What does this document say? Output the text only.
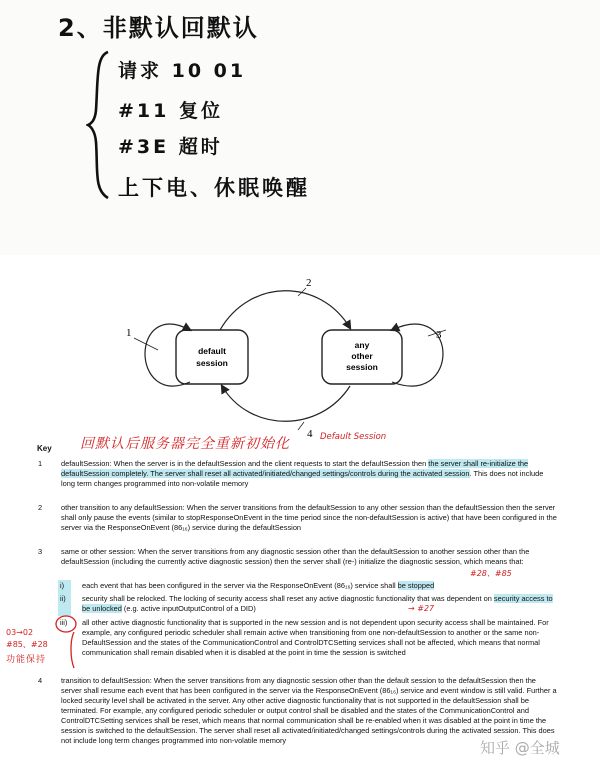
2、非默认回默认
请求 10 01
#11 复位
#3E 超时
上下电、休眠唤醒
1
2
3
4
default
session
any
other
session
回默认后服务器完全重新初始化	Default Session
Key
1	defaultSession: When the server is in the defaultSession and the client requests to start the defaultSession then the server shall re-initialize the defaultSession completely. The server shall reset all activated/initiated/changed settings/controls during the activated session. This does not include long term changes programmed into non-volatile memory
2	other transition to any defaultSession: When the server transitions from the defaultSession to any other session than the defaultSession then the server shall only pause the events (similar to stopResponseOnEvent in the time period since the non-defaultSession is active) that have been configured in the server via the ResponseOnEvent (86₁₆) service during the defaultSession
3	same or other session: When the server transitions from any diagnostic session other than the defaultSession to another session other than the defaultSession (including the currently active diagnostic session) then the server shall (re-) initialize the diagnostic session, which means that:
i) each event that has been configured in the server via the ResponseOnEvent (86₁₆) service shall be stopped
ii) security shall be relocked. The locking of security access shall reset any active diagnostic functionality that was dependent on security access to be unlocked (e.g. active inputOutputControl of a DID)
iii) all other active diagnostic functionality that is supported in the new session and is not dependent upon security access shall be maintained. For example, any configured periodic scheduler shall remain active when transitioning from one non-defaultSession to another or the same non-DefaultSession and the states of the CommunicationControl and ControlDTCSetting services shall not be affected, which means that normal communication shall remain disabled when it is disabled at the point in time the session is switched
#28、#85
→ #27
03→02
#85、#28
功能保持
4	transition to defaultSession: When the server transitions from any diagnostic session other than the default session to the defaultSession then the server shall resume each event that has been configured in the server via the ResponseOnEvent (86₁₆) service and event window is still valid. Further a locked security level shall be activated in the server. Any other active diagnostic functionality that is not supported in the defaultSession shall be terminated. For example, any configured periodic scheduler or output control shall be disabled and the states of the CommunicationControl and ControlDTCSetting services shall be reset, which means that normal communication shall be re-enabled when it was disabled at the point in time the session is switched to the defaultSession. The server shall reset all activated/initiated/changed settings/controls during the activated session. This does not include long term changes programmed into non-volatile memory	知乎 @全城
